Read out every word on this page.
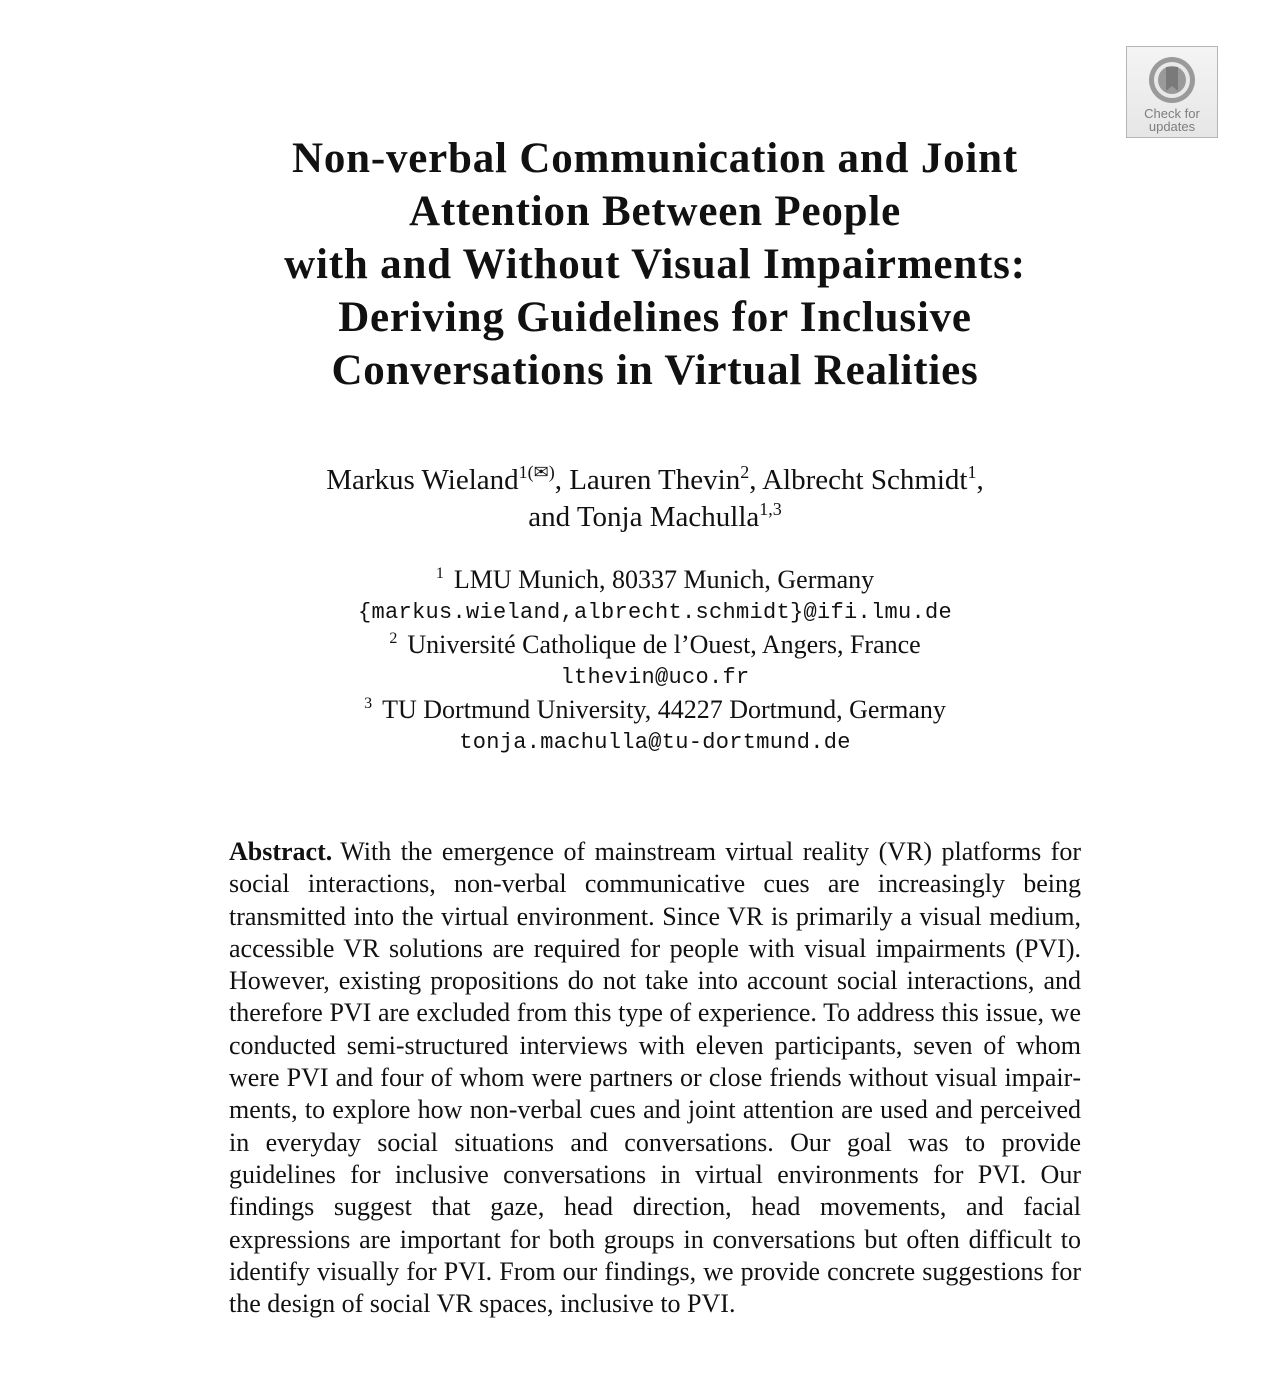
Check for
updates
Non-verbal Communication and Joint
Attention Between People
with and Without Visual Impairments:
Deriving Guidelines for Inclusive
Conversations in Virtual Realities
Markus Wieland$^{1(✉)}$, Lauren Thevin$^2$, Albrecht Schmidt$^1$,
and Tonja Machulla$^{1,3}$
$^1$ LMU Munich, 80337 Munich, Germany
{markus.wieland,albrecht.schmidt}@ifi.lmu.de
$^2$ Université Catholique de l’Ouest, Angers, France
lthevin@uco.fr
$^3$ TU Dortmund University, 44227 Dortmund, Germany
tonja.machulla@tu-dortmund.de

Abstract. With the emergence of mainstream virtual reality (VR) platforms for social interactions, non-verbal communicative cues are increasingly being transmitted into the virtual environment. Since VR is primarily a visual medium, accessible VR solutions are required for people with visual impairments (PVI). However, existing propositions do not take into account social interactions, and therefore PVI are excluded from this type of experience. To address this issue, we conducted semi-structured interviews with eleven participants, seven of whom were PVI and four of whom were partners or close friends without visual impairments, to explore how non-verbal cues and joint attention are used and perceived in everyday social situations and conversations. Our goal was to provide guidelines for inclusive conversations in virtual environments for PVI. Our findings suggest that gaze, head direction, head movements, and facial expressions are important for both groups in conversations but often difficult to identify visually for PVI. From our findings, we provide concrete suggestions for the design of social VR spaces, inclusive to PVI.
